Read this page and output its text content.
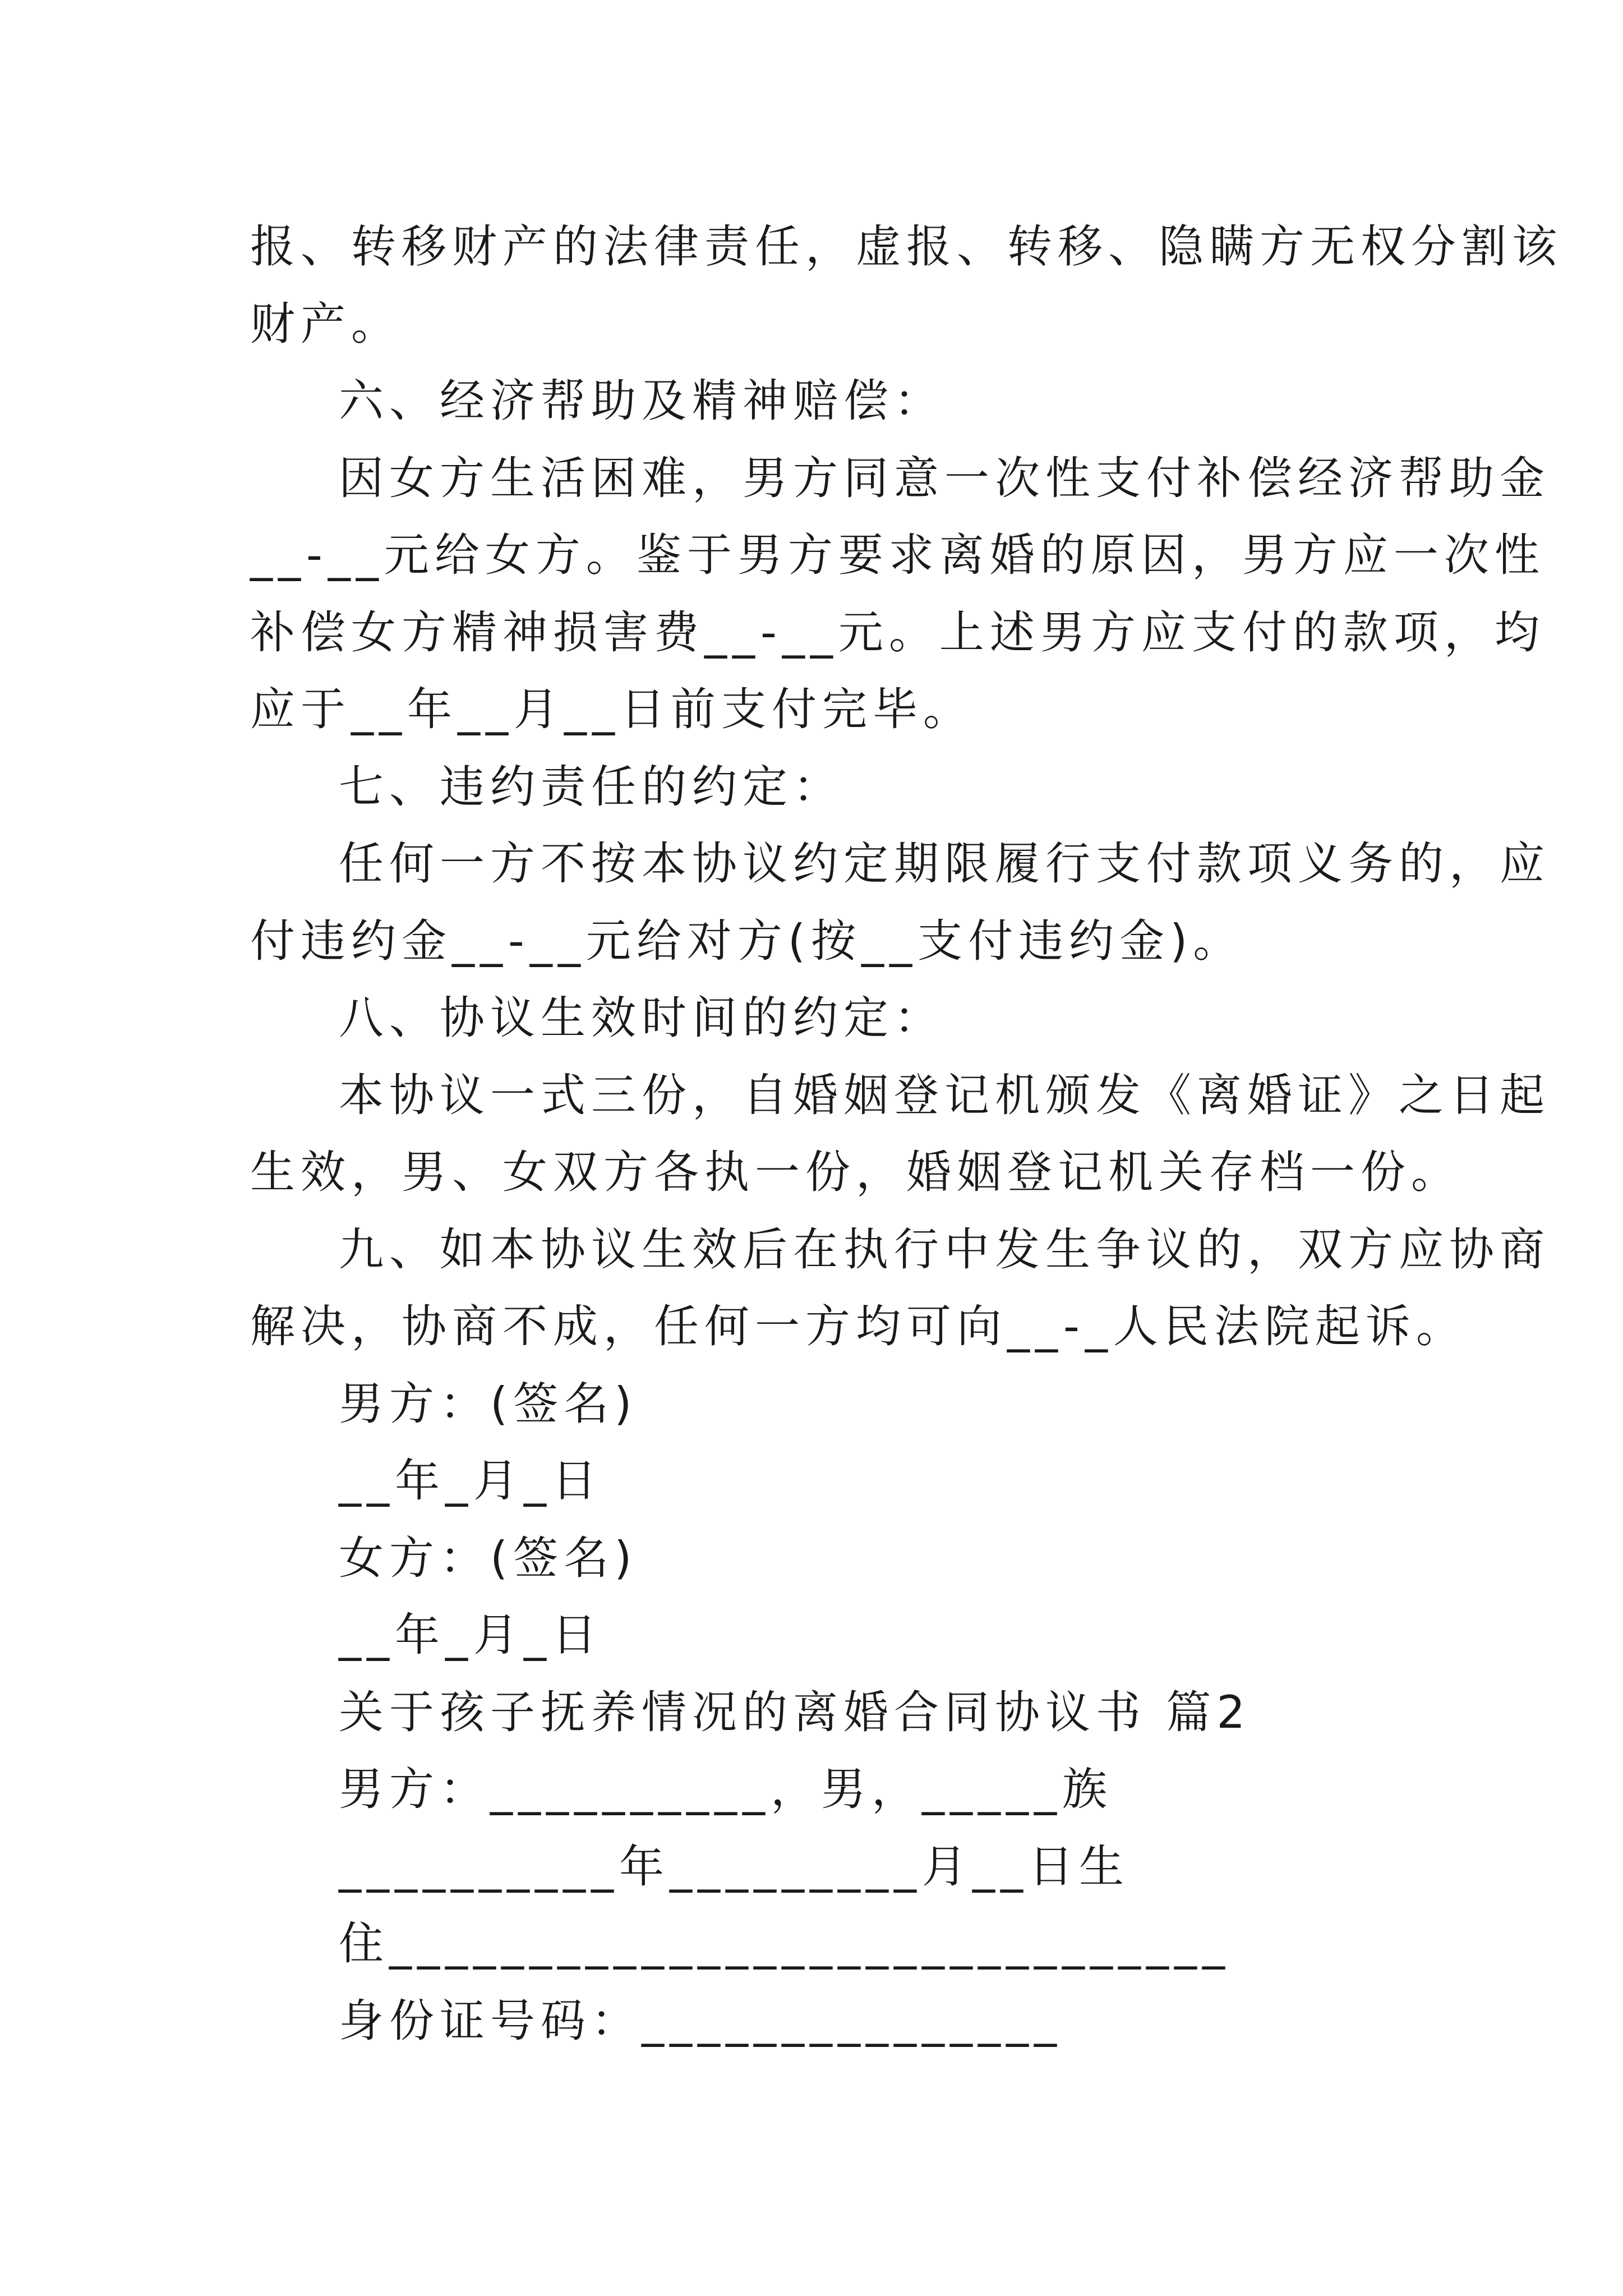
报、转移财产的法律责任，虚报、转移、隐瞒方无权分割该
财产。
六、经济帮助及精神赔偿：
因女方生活困难，男方同意一次性支付补偿经济帮助金
__-__元给女方。鉴于男方要求离婚的原因，男方应一次性
补偿女方精神损害费__-__元。上述男方应支付的款项，均
应于__年__月__日前支付完毕。
七、违约责任的约定：
任何一方不按本协议约定期限履行支付款项义务的，应
付违约金__-__元给对方(按__支付违约金)。
八、协议生效时间的约定：
本协议一式三份，自婚姻登记机颁发《离婚证》之日起
生效，男、女双方各执一份，婚姻登记机关存档一份。
九、如本协议生效后在执行中发生争议的，双方应协商
解决，协商不成，任何一方均可向__-_人民法院起诉。
男方：(签名)
__年_月_日
女方：(签名)
__年_月_日
关于孩子抚养情况的离婚合同协议书 篇2
男方：__________，男，_____族
__________年_________月__日生
住______________________________
身份证号码：_______________
